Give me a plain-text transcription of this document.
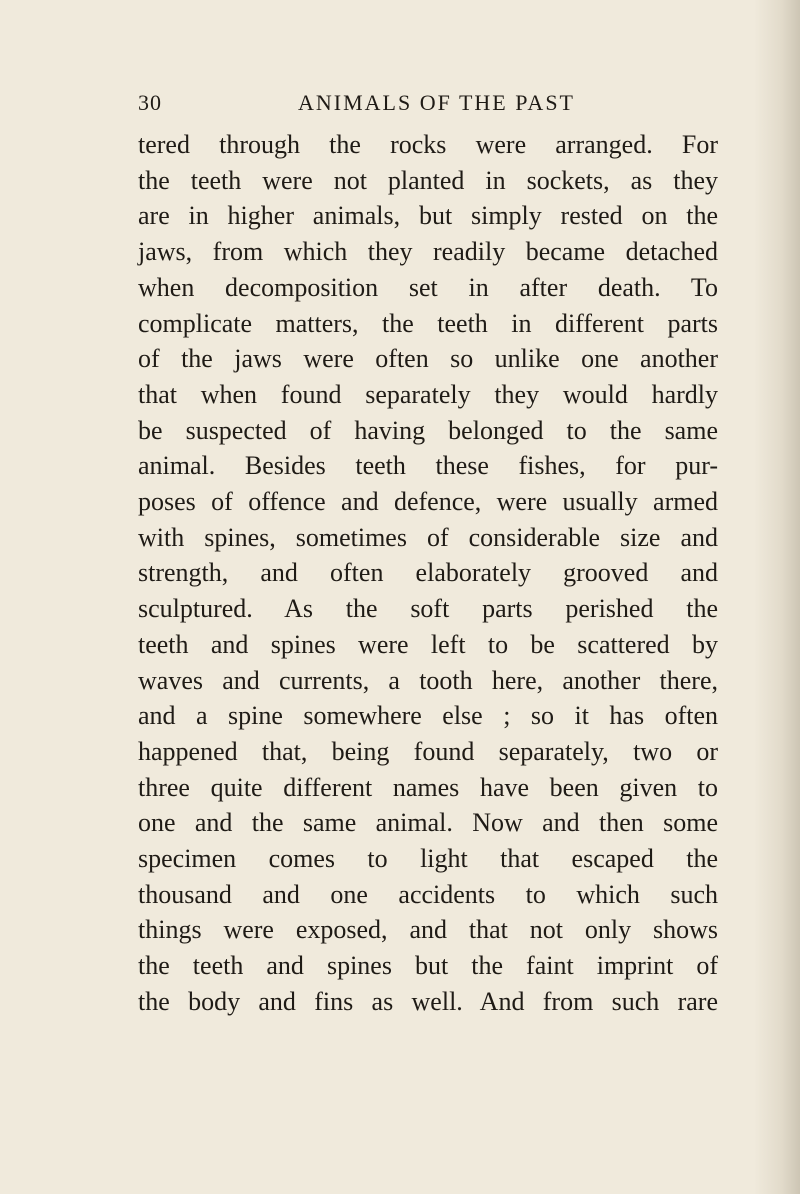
30	ANIMALS OF THE PAST
tered through the rocks were arranged. For
the teeth were not planted in sockets, as they
are in higher animals, but simply rested on the
jaws, from which they readily became detached
when decomposition set in after death. To
complicate matters, the teeth in different parts
of the jaws were often so unlike one another
that when found separately they would hardly
be suspected of having belonged to the same
animal. Besides teeth these fishes, for pur-
poses of offence and defence, were usually armed
with spines, sometimes of considerable size and
strength, and often elaborately grooved and
sculptured. As the soft parts perished the
teeth and spines were left to be scattered by
waves and currents, a tooth here, another there,
and a spine somewhere else ; so it has often
happened that, being found separately, two or
three quite different names have been given to
one and the same animal. Now and then some
specimen comes to light that escaped the
thousand and one accidents to which such
things were exposed, and that not only shows
the teeth and spines but the faint imprint of
the body and fins as well. And from such rare
